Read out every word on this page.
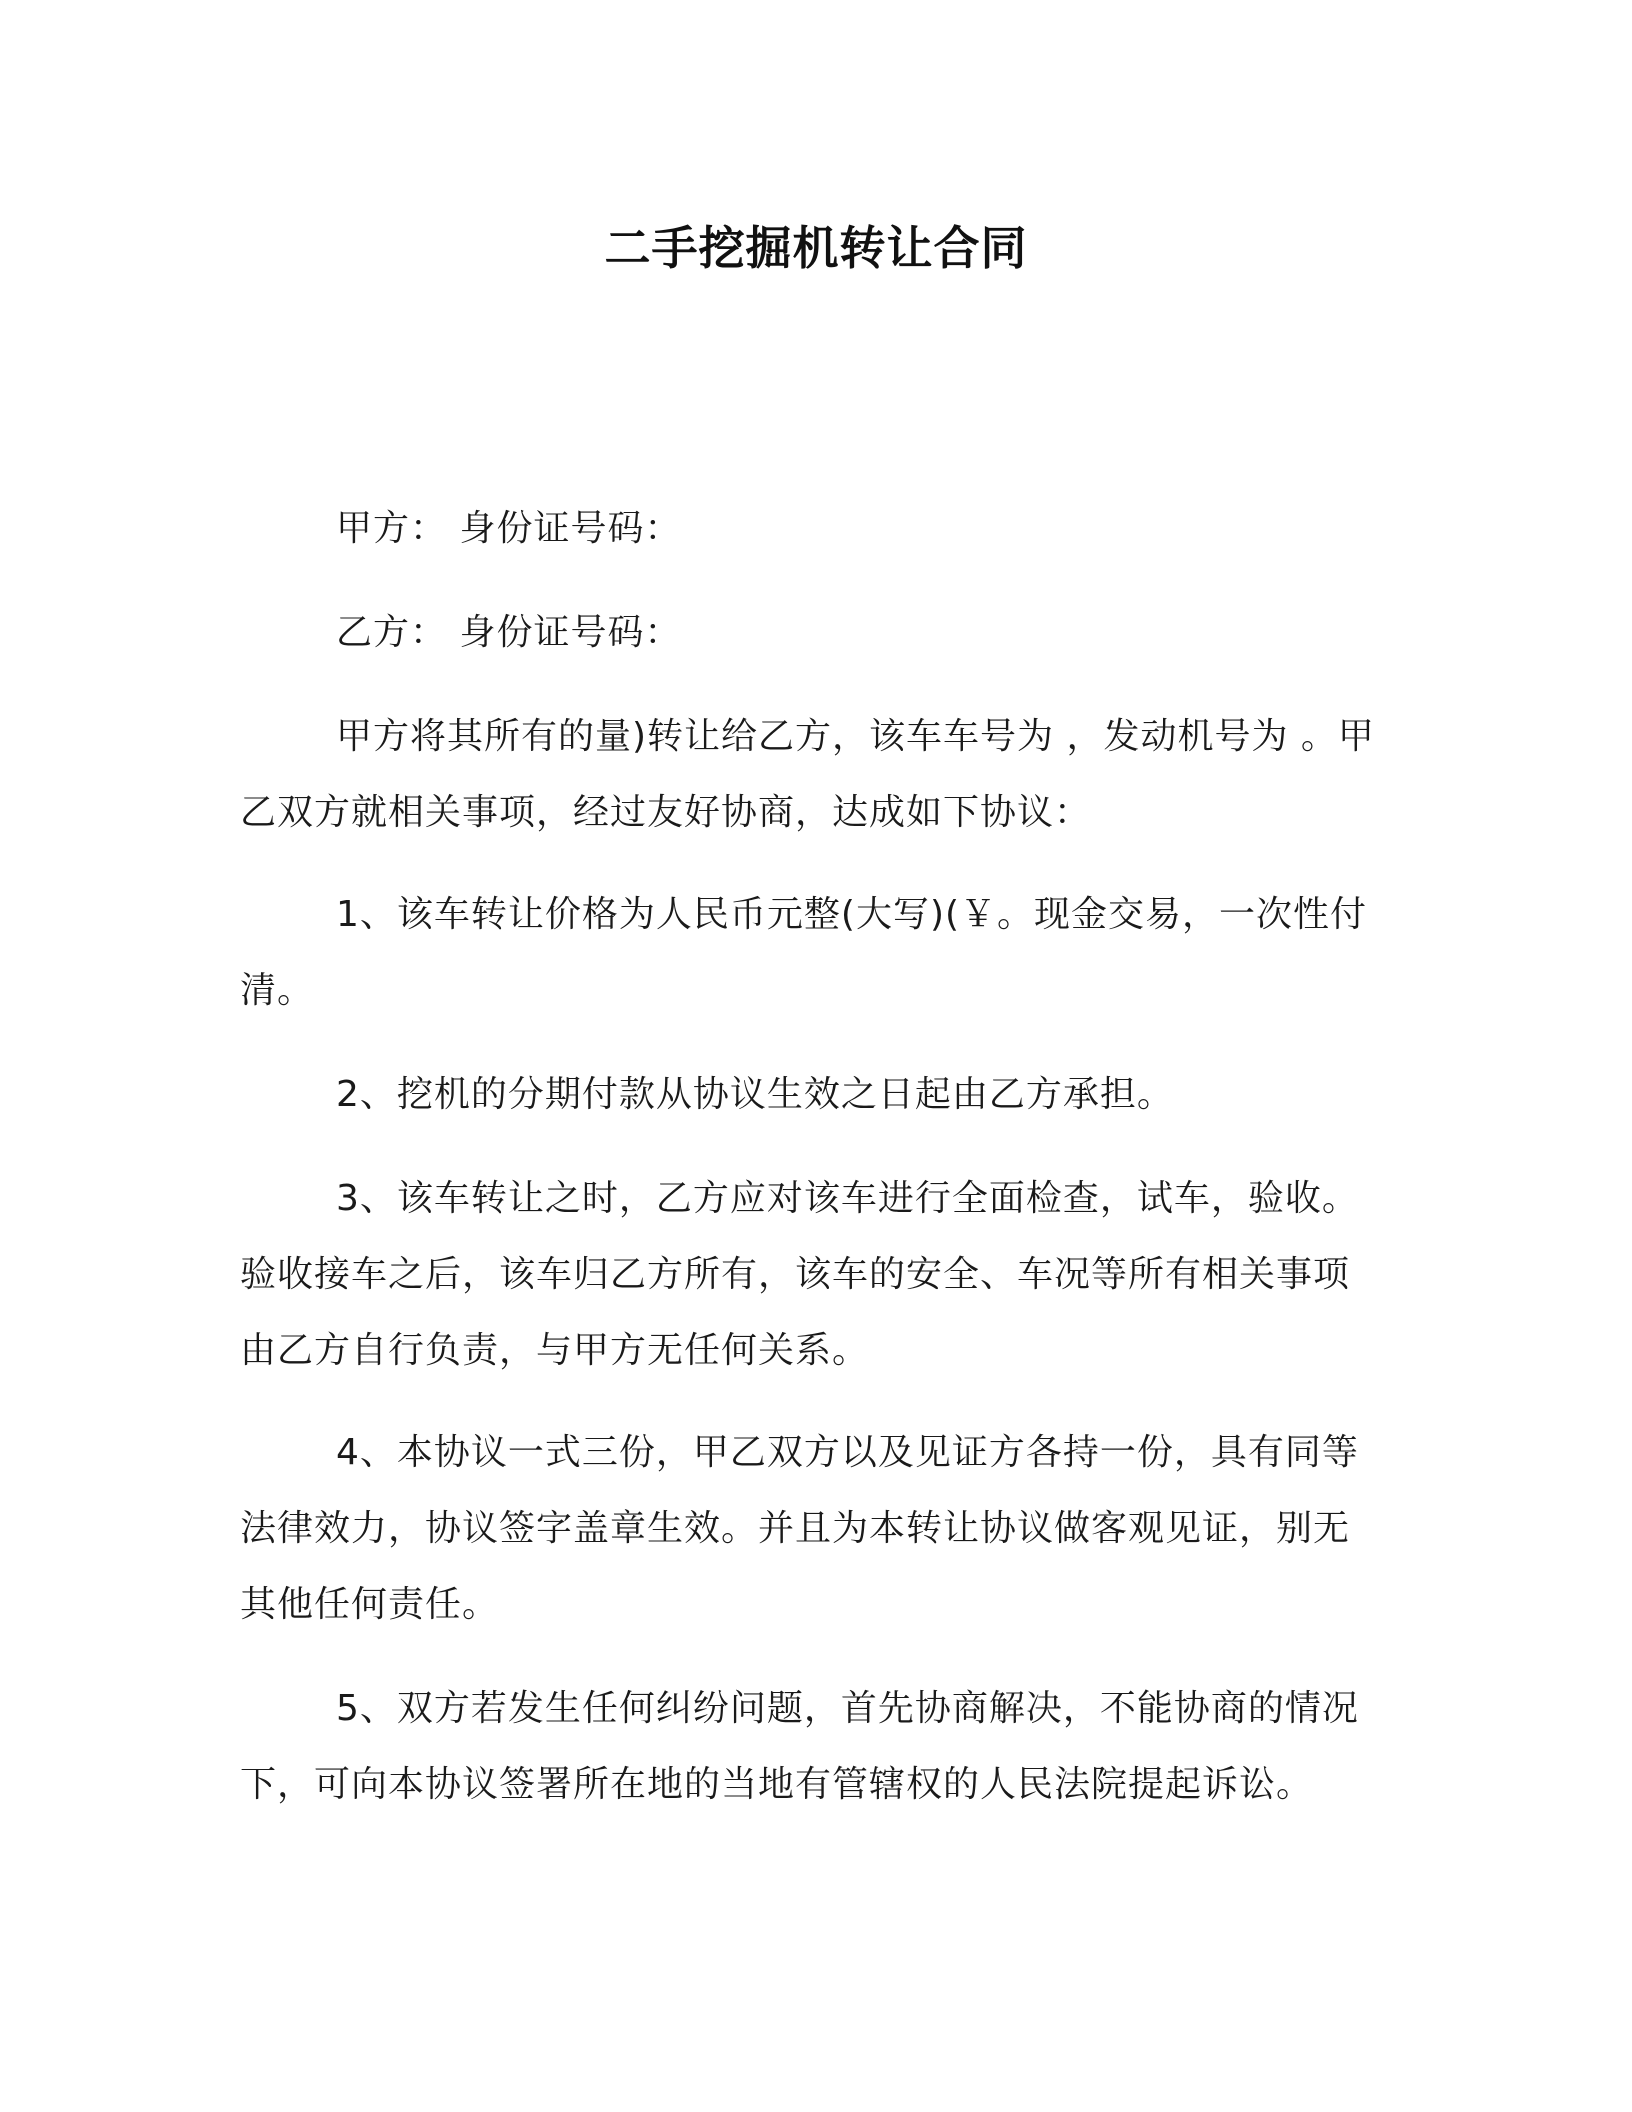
二手挖掘机转让合同
甲方： 身份证号码：
乙方： 身份证号码：
甲方将其所有的量)转让给乙方，该车车号为 ，发动机号为 。甲
乙双方就相关事项，经过友好协商，达成如下协议：
1、该车转让价格为人民币元整(大写)(￥。现金交易，一次性付
清。
2、挖机的分期付款从协议生效之日起由乙方承担。
3、该车转让之时，乙方应对该车进行全面检查，试车，验收。
验收接车之后，该车归乙方所有，该车的安全、车况等所有相关事项
由乙方自行负责，与甲方无任何关系。
4、本协议一式三份，甲乙双方以及见证方各持一份，具有同等
法律效力，协议签字盖章生效。并且为本转让协议做客观见证，别无
其他任何责任。
5、双方若发生任何纠纷问题，首先协商解决，不能协商的情况
下，可向本协议签署所在地的当地有管辖权的人民法院提起诉讼。
